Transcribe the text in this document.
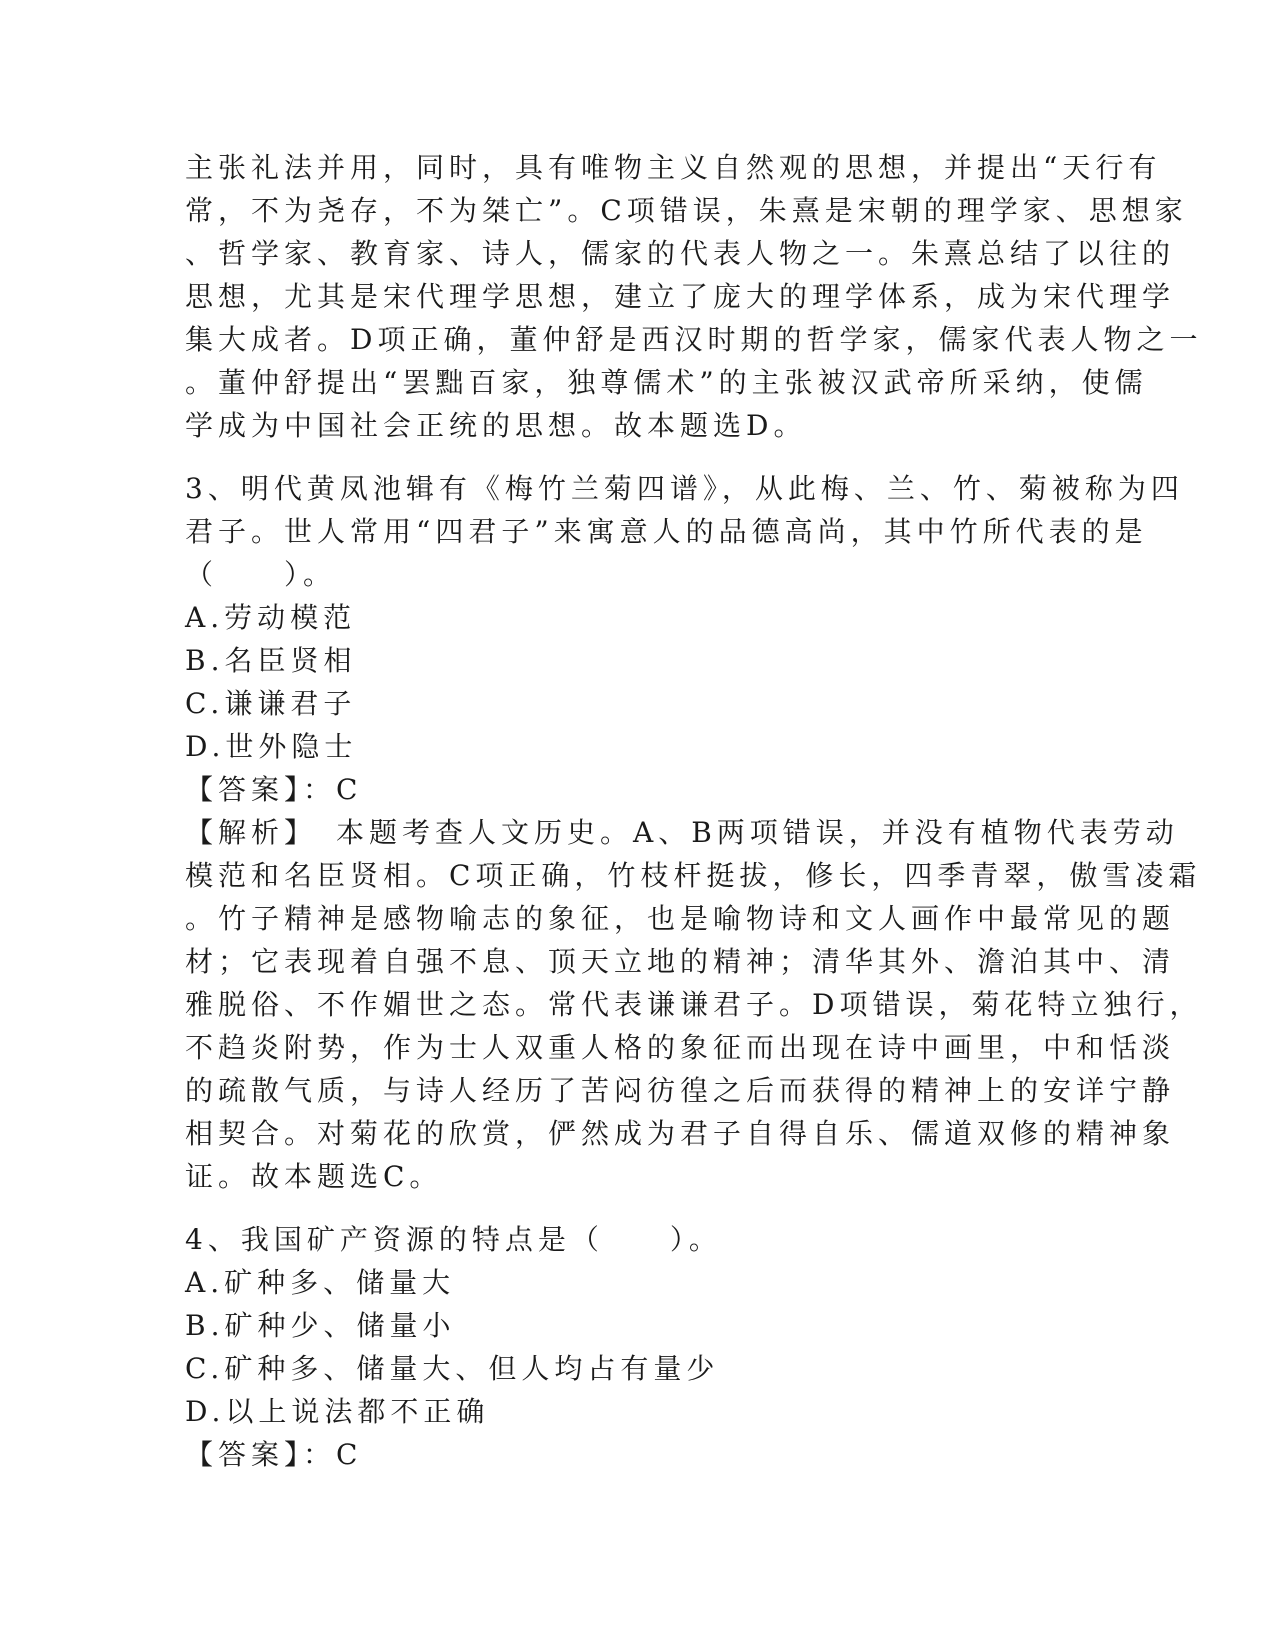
主张礼法并用，同时，具有唯物主义自然观的思想，并提出“天行有

常，不为尧存，不为桀亡”。C项错误，朱熹是宋朝的理学家、思想家

、哲学家、教育家、诗人，儒家的代表人物之一。朱熹总结了以往的

思想，尤其是宋代理学思想，建立了庞大的理学体系，成为宋代理学

集大成者。D项正确，董仲舒是西汉时期的哲学家，儒家代表人物之一

。董仲舒提出“罢黜百家，独尊儒术”的主张被汉武帝所采纳，使儒

学成为中国社会正统的思想。故本题选D。

3、明代黄凤池辑有《梅竹兰菊四谱》，从此梅、兰、竹、菊被称为四

君子。世人常用“四君子”来寓意人的品德高尚，其中竹所代表的是

（　　）。

A.劳动模范

B.名臣贤相

C.谦谦君子

D.世外隐士

【答案】：C

【解析】　本题考查人文历史。A、B两项错误，并没有植物代表劳动

模范和名臣贤相。C项正确，竹枝杆挺拔，修长，四季青翠，傲雪凌霜

。竹子精神是感物喻志的象征，也是喻物诗和文人画作中最常见的题

材；它表现着自强不息、顶天立地的精神；清华其外、澹泊其中、清

雅脱俗、不作媚世之态。常代表谦谦君子。D项错误，菊花特立独行，

不趋炎附势，作为士人双重人格的象征而出现在诗中画里，中和恬淡

的疏散气质，与诗人经历了苦闷彷徨之后而获得的精神上的安详宁静

相契合。对菊花的欣赏，俨然成为君子自得自乐、儒道双修的精神象

证。故本题选C。

4、我国矿产资源的特点是（　　）。

A.矿种多、储量大

B.矿种少、储量小

C.矿种多、储量大、但人均占有量少

D.以上说法都不正确

【答案】：C
